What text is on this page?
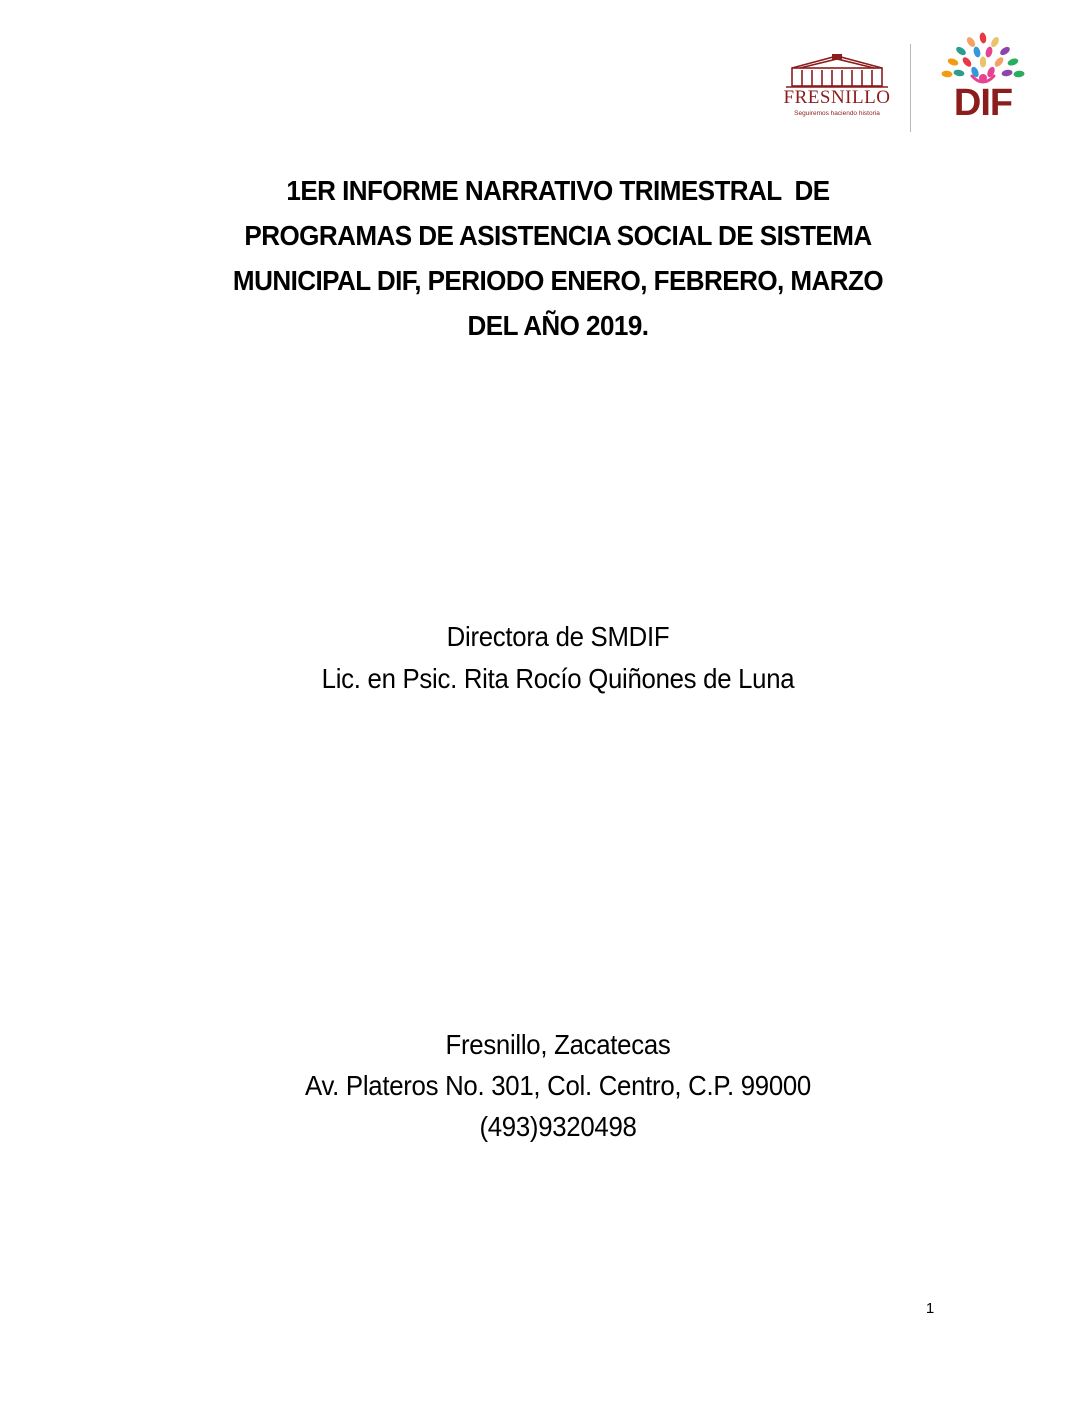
FRESNILLO
Seguiremos haciendo historia	DIF
1ER INFORME NARRATIVO TRIMESTRAL  DE
PROGRAMAS DE ASISTENCIA SOCIAL DE SISTEMA
MUNICIPAL DIF, PERIODO ENERO, FEBRERO, MARZO
DEL AÑO 2019.
Directora de SMDIF
Lic. en Psic. Rita Rocío Quiñones de Luna
Fresnillo, Zacatecas
Av. Plateros No. 301, Col. Centro, C.P. 99000
(493)9320498
1
